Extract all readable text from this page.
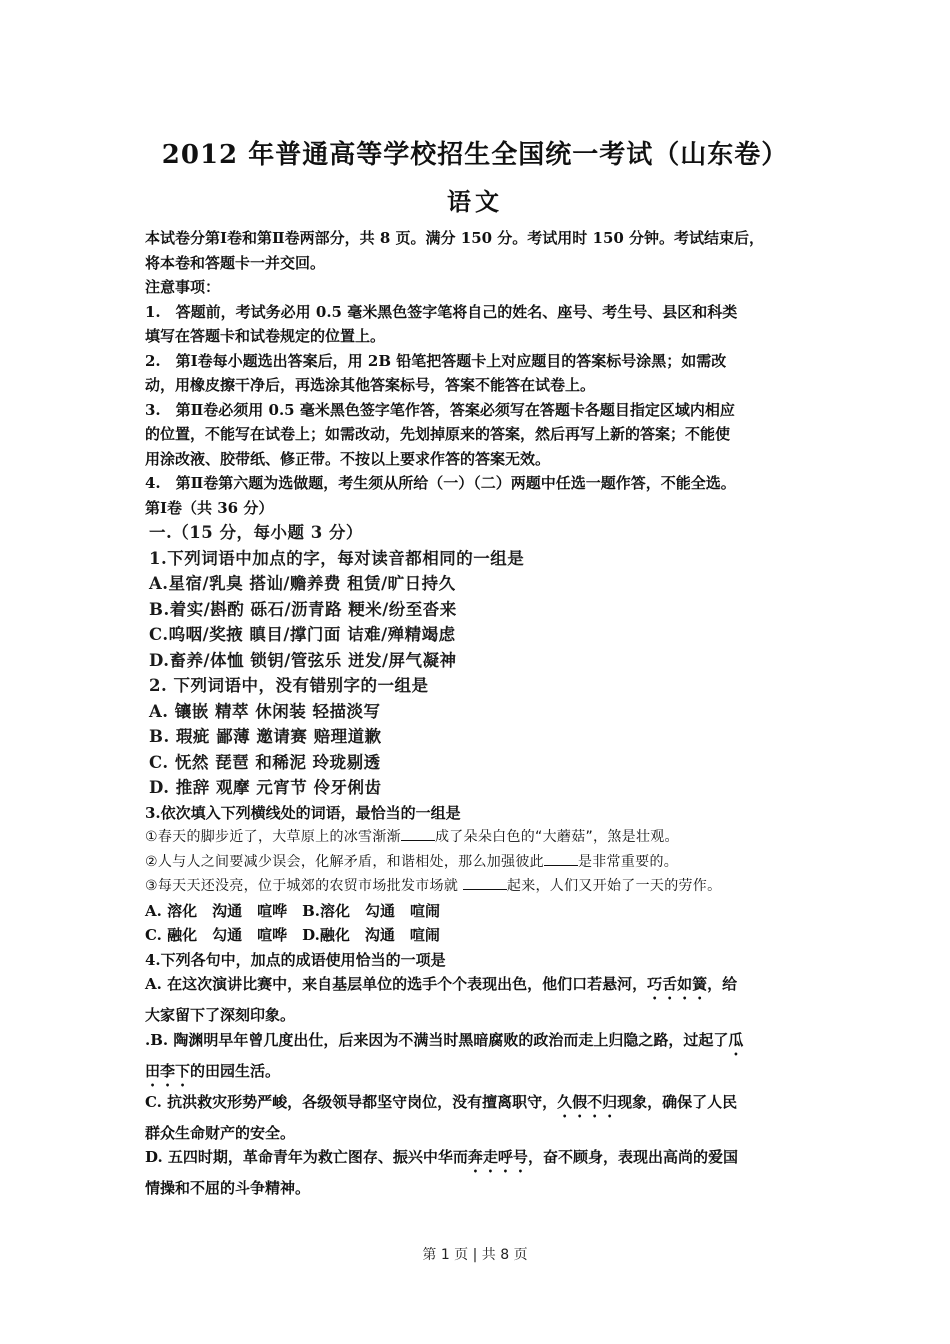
2012 年普通高等学校招生全国统一考试（山东卷）
语文

本试卷分第Ⅰ卷和第Ⅱ卷两部分，共 8 页。满分 150 分。考试用时 150 分钟。考试结束后，

将本卷和答题卡一并交回。

注意事项：

1.　答题前，考试务必用 0.5 毫米黑色签字笔将自己的姓名、座号、考生号、县区和科类

填写在答题卡和试卷规定的位置上。

2.　第Ⅰ卷每小题选出答案后，用 2B 铅笔把答题卡上对应题目的答案标号涂黑；如需改

动，用橡皮擦干净后，再选涂其他答案标号，答案不能答在试卷上。

3.　第Ⅱ卷必须用 0.5 毫米黑色签字笔作答，答案必须写在答题卡各题目指定区域内相应

的位置，不能写在试卷上；如需改动，先划掉原来的答案，然后再写上新的答案；不能使

用涂改液、胶带纸、修正带。不按以上要求作答的答案无效。

4.　第Ⅱ卷第六题为选做题，考生须从所给（一）（二）两题中任选一题作答，不能全选。

第Ⅰ卷（共 36 分）

一.（15 分，每小题 3 分）

1.下列词语中加点的字，每对读音都相同的一组是

A.星宿/乳臭 搭讪/赡养费 租赁/旷日持久

B.着实/斟酌 砾石/沥青路 粳米/纷至沓来

C.呜咽/奖掖 瞋目/撑门面 诘难/殚精竭虑

D.畜养/体恤 锁钥/管弦乐 迸发/屏气凝神

2. 下列词语中，没有错别字的一组是

A. 镶嵌 精萃 休闲装 轻描淡写

B. 瑕疵 鄙薄 邀请赛 赔理道歉

C. 怃然 琵琶 和稀泥 玲珑剔透

D. 推辞 观摩 元宵节 伶牙俐齿

3.依次填入下列横线处的词语，最恰当的一组是

①春天的脚步近了，大草原上的冰雪渐渐 成了朵朵白色的“大蘑菇”，煞是壮观。

②人与人之间要减少误会，化解矛盾，和谐相处，那么加强彼此 是非常重要的。

③每天天还没亮，位于城郊的农贸市场批发市场就	起来，人们又开始了一天的劳作。

A. 溶化　沟通　喧哗　B.溶化　勾通　喧闹

C. 融化　勾通　喧哗　D.融化　沟通　喧闹

4.下列各句中，加点的成语使用恰当的一项是

A. 在这次演讲比赛中，来自基层单位的选手个个表现出色，他们口若悬河，巧舌如簧，给

大家留下了深刻印象。

.B. 陶渊明早年曾几度出仕，后来因为不满当时黑暗腐败的政治而走上归隐之路，过起了瓜

田李下的田园生活。

C. 抗洪救灾形势严峻，各级领导都坚守岗位，没有擅离职守，久假不归现象，确保了人民

群众生命财产的安全。

D. 五四时期，革命青年为救亡图存、振兴中华而奔走呼号，奋不顾身，表现出高尚的爱国

情操和不屈的斗争精神。

第 1 页 | 共 8 页
